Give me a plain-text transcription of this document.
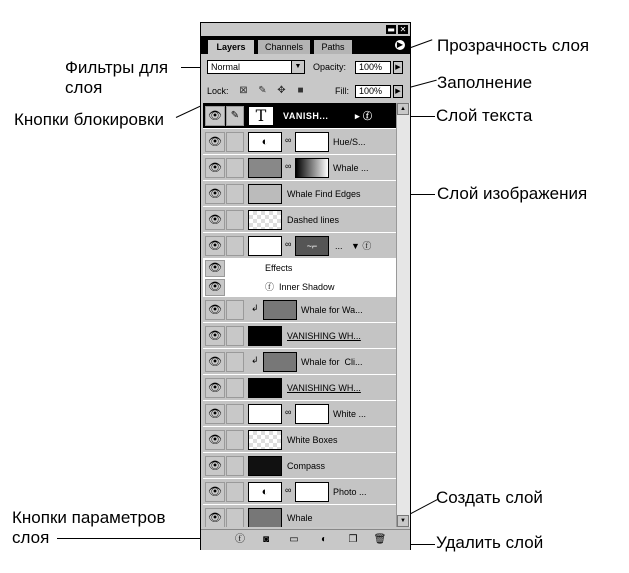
Фильтры для
слоя
Прозрачность слоя
Заполнение
Кнопки блокировки	Слой текста
Слой изображения
Создать слой
Кнопки параметров
слоя	Удалить слой
▬ ✕
Layers	Channels	Paths	▶
Normal	▼ Opacity:	100%	▶
Lock: ⊠ ✎ ✥ ■	Fill:	100%	▶
👁 ✎	T	VANISH...	▸ ⓕ
👁	◐	∞	Hue/S...
👁	∞	Whale ...
👁	Whale Find Edges
👁	Dashed lines
👁	∞	~⌐	... ▼ ⓕ
👁	Effects
👁	ⓕ Inner Shadow
👁	↲	Whale for Wa...
👁	VANISHING WH...
👁	↲	Whale for  Cli...
👁	VANISHING WH...
👁	∞	White ...
👁	White Boxes
👁	Compass
👁	◐	∞	Photo ...
👁	Whale
▲
▼
ⓕ	◙	▭	◐	❐ 🗑
